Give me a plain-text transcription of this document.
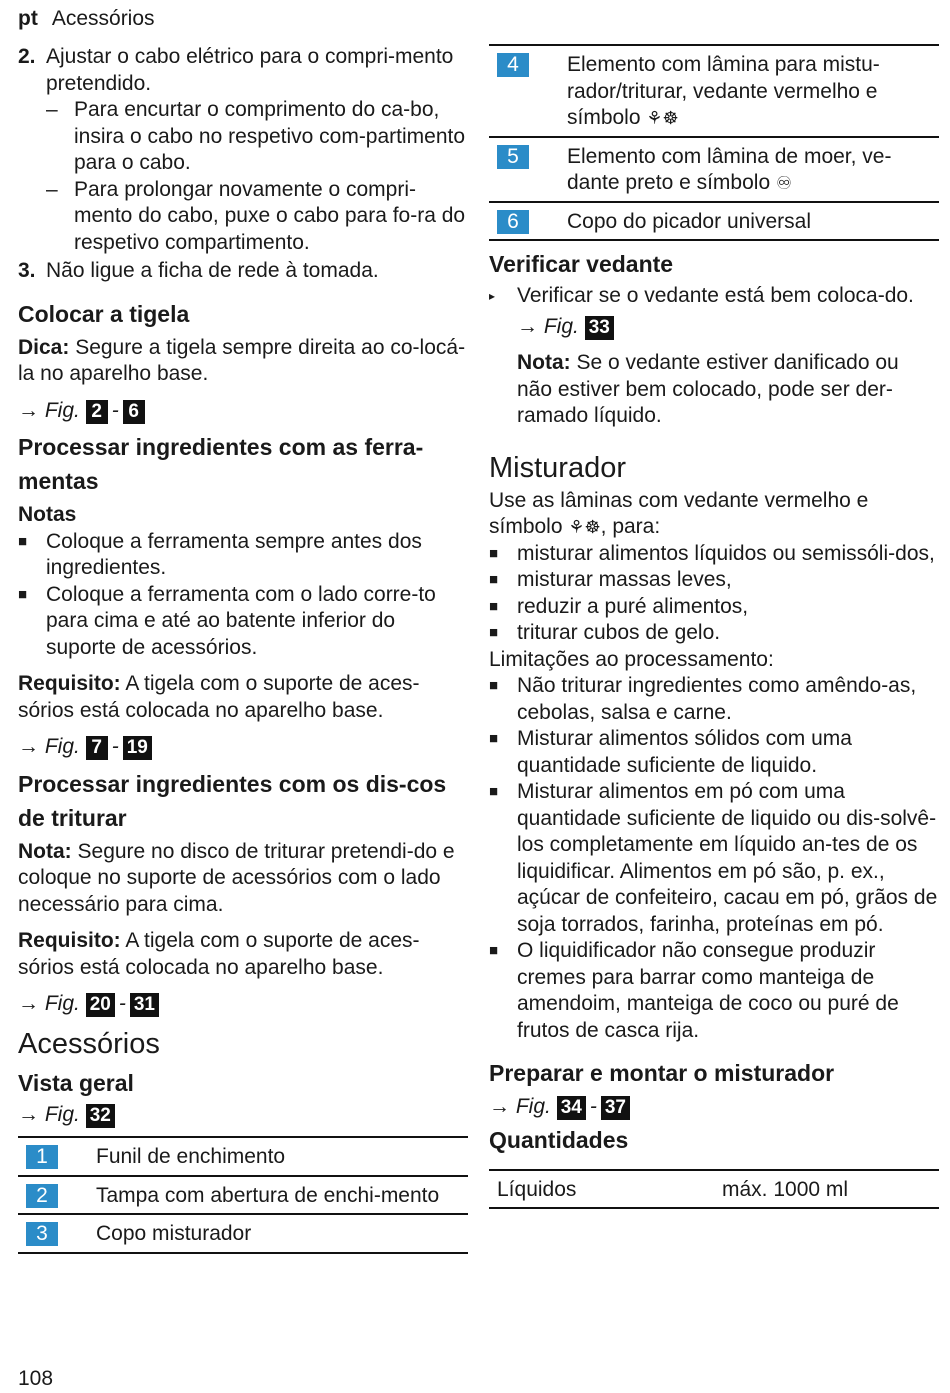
pt Acessórios
2. Ajustar o cabo elétrico para o compri-mento pretendido.
– Para encurtar o comprimento do ca-bo, insira o cabo no respetivo com-partimento para o cabo.
– Para prolongar novamente o compri-mento do cabo, puxe o cabo para fo-ra do respetivo compartimento.
3. Não ligue a ficha de rede à tomada.
Colocar a tigela

Dica: Segure a tigela sempre direita ao co-locá-la no aparelho base.

→ Fig. 2 - 6

Processar ingredientes com as ferra-mentas

Notas

■ Coloque a ferramenta sempre antes dos ingredientes.
■ Coloque a ferramenta com o lado corre-to para cima e até ao batente inferior do suporte de acessórios.

Requisito: A tigela com o suporte de aces-sórios está colocada no aparelho base.

→ Fig. 7 - 19

Processar ingredientes com os dis-cos de triturar

Nota: Segure no disco de triturar pretendi-do e coloque no suporte de acessórios com o lado necessário para cima.

Requisito: A tigela com o suporte de aces-sórios está colocada no aparelho base.

→ Fig. 20 - 31

Acessórios
Vista geral

→ Fig. 32

1	Funil de enchimento
2	Tampa com abertura de enchi-mento
3	Copo misturador
4	Elemento com lâmina para mistu-rador/triturar, vedante vermelho e símbolo ⚘☸
5	Elemento com lâmina de moer, ve-dante preto e símbolo ♾
6	Copo do picador universal
Verificar vedante
▸	Verificar se o vedante está bem coloca-do.

→ Fig. 33

Nota: Se o vedante estiver danificado ou não estiver bem colocado, pode ser der-ramado líquido.

Misturador

Use as lâminas com vedante vermelho e símbolo ⚘☸, para:

■ misturar alimentos líquidos ou semissóli-dos,
■ misturar massas leves,
■ reduzir a puré alimentos,
■ triturar cubos de gelo.

Limitações ao processamento:

■ Não triturar ingredientes como amêndo-as, cebolas, salsa e carne.
■ Misturar alimentos sólidos com uma quantidade suficiente de liquido.
■ Misturar alimentos em pó com uma quantidade suficiente de liquido ou dis-solvê-los completamente em líquido an-tes de os liquidificar. Alimentos em pó são, p. ex., açúcar de confeiteiro, cacau em pó, grãos de soja torrados, farinha, proteínas em pó.
■ O liquidificador não consegue produzir cremes para barrar como manteiga de amendoim, manteiga de coco ou puré de frutos de casca rija.
Preparar e montar o misturador

→ Fig. 34 - 37

Quantidades
Líquidos	máx. 1000 ml
108
